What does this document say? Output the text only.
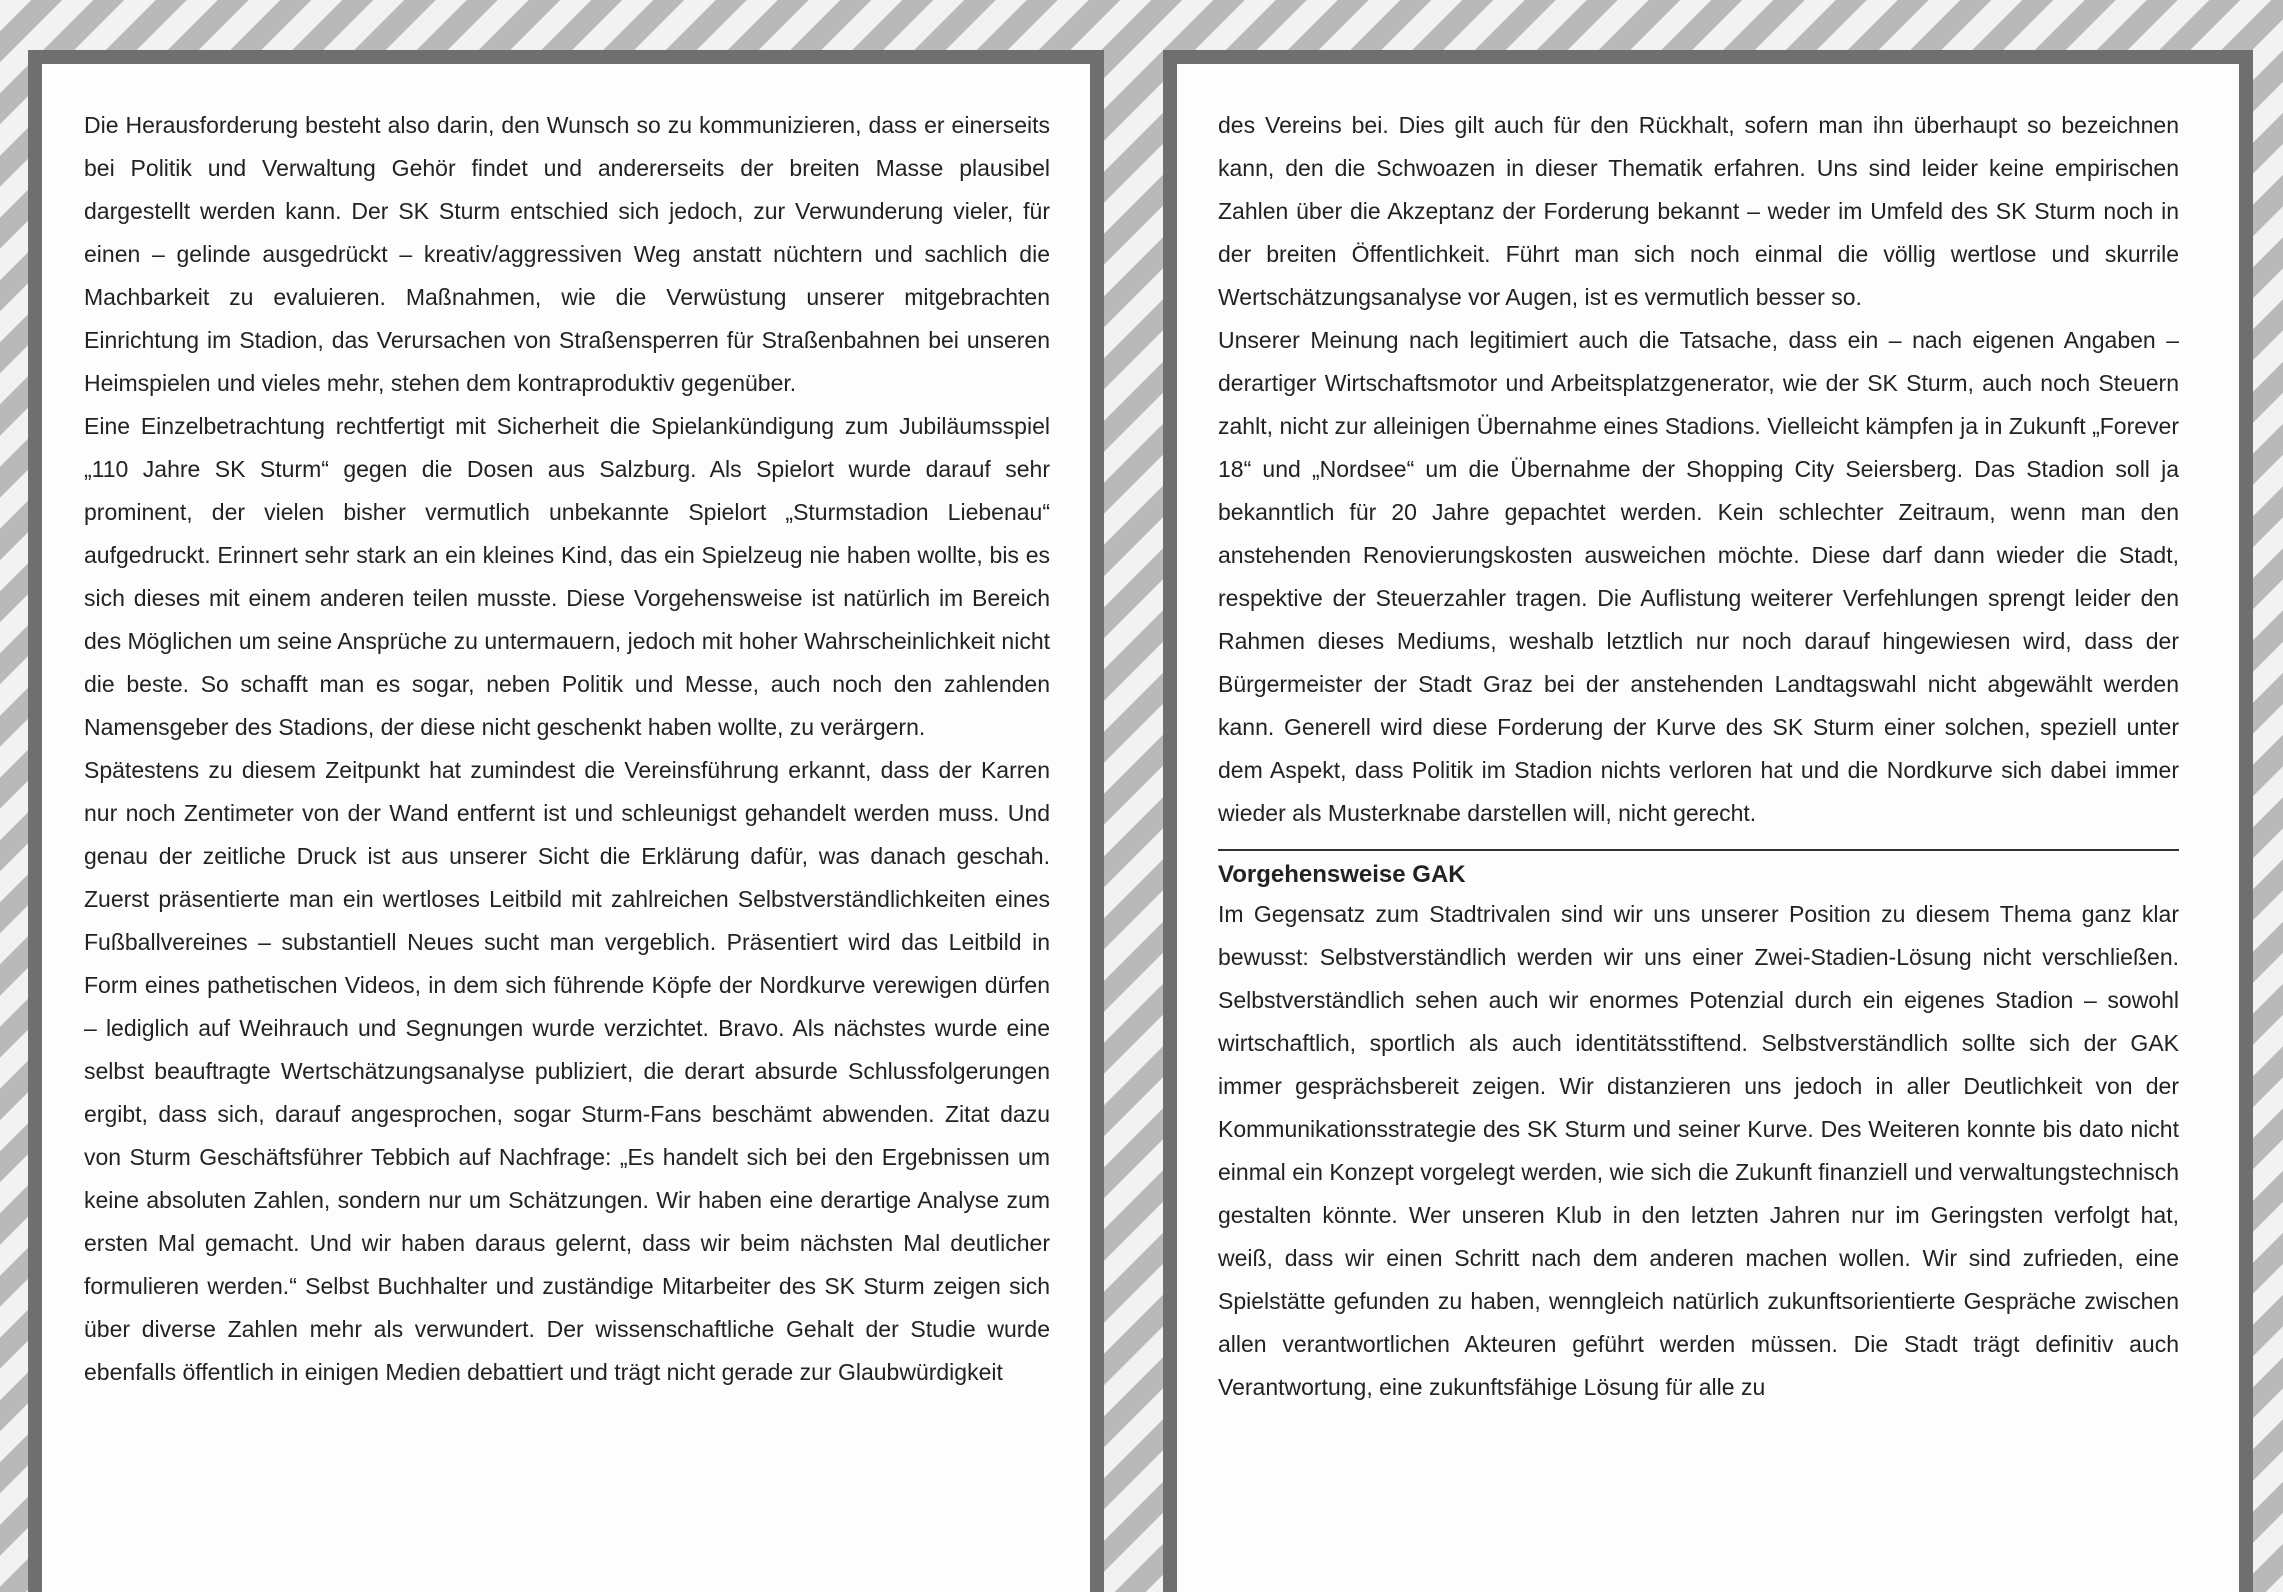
Die Herausforderung besteht also darin, den Wunsch so zu kommunizieren, dass er einerseits bei Politik und Verwaltung Gehör findet und andererseits der breiten Masse plausibel dargestellt werden kann. Der SK Sturm entschied sich jedoch, zur Verwunderung vieler, für einen – gelinde ausgedrückt – kreativ/aggressiven Weg anstatt nüchtern und sachlich die Machbarkeit zu evaluieren. Maßnahmen, wie die Verwüstung unserer mitgebrachten Einrichtung im Stadion, das Verursachen von Straßensperren für Straßenbahnen bei unseren Heimspielen und vieles mehr, stehen dem kontraproduktiv gegenüber.

Eine Einzelbetrachtung rechtfertigt mit Sicherheit die Spielankündigung zum Jubiläumsspiel „110 Jahre SK Sturm“ gegen die Dosen aus Salzburg. Als Spielort wurde darauf sehr prominent, der vielen bisher vermutlich unbekannte Spielort „Sturmstadion Liebenau“ aufgedruckt. Erinnert sehr stark an ein kleines Kind, das ein Spielzeug nie haben wollte, bis es sich dieses mit einem anderen teilen musste. Diese Vorgehensweise ist natürlich im Bereich des Möglichen um seine Ansprüche zu untermauern, jedoch mit hoher Wahrscheinlichkeit nicht die beste. So schafft man es sogar, neben Politik und Messe, auch noch den zahlenden Namensgeber des Stadions, der diese nicht geschenkt haben wollte, zu verärgern.

Spätestens zu diesem Zeitpunkt hat zumindest die Vereinsführung erkannt, dass der Karren nur noch Zentimeter von der Wand entfernt ist und schleunigst gehandelt werden muss. Und genau der zeitliche Druck ist aus unserer Sicht die Erklärung dafür, was danach geschah. Zuerst präsentierte man ein wertloses Leitbild mit zahlreichen Selbstverständlichkeiten eines Fußballvereines – substantiell Neues sucht man vergeblich. Präsentiert wird das Leitbild in Form eines pathetischen Videos, in dem sich führende Köpfe der Nordkurve verewigen dürfen – lediglich auf Weihrauch und Segnungen wurde verzichtet. Bravo. Als nächstes wurde eine selbst beauftragte Wertschätzungsanalyse publiziert, die derart absurde Schlussfolgerungen ergibt, dass sich, darauf angesprochen, sogar Sturm-Fans beschämt abwenden. Zitat dazu von Sturm Geschäftsführer Tebbich auf Nachfrage: „Es handelt sich bei den Ergebnissen um keine absoluten Zahlen, sondern nur um Schätzungen. Wir haben eine derartige Analyse zum ersten Mal gemacht. Und wir haben daraus gelernt, dass wir beim nächsten Mal deutlicher formulieren werden.“ Selbst Buchhalter und zuständige Mitarbeiter des SK Sturm zeigen sich über diverse Zahlen mehr als verwundert. Der wissenschaftliche Gehalt der Studie wurde ebenfalls öffentlich in einigen Medien debattiert und trägt nicht gerade zur Glaubwürdigkeit

des Vereins bei. Dies gilt auch für den Rückhalt, sofern man ihn überhaupt so bezeichnen kann, den die Schwoazen in dieser Thematik erfahren. Uns sind leider keine empirischen Zahlen über die Akzeptanz der Forderung bekannt – weder im Umfeld des SK Sturm noch in der breiten Öffentlichkeit. Führt man sich noch einmal die völlig wertlose und skurrile Wertschätzungsanalyse vor Augen, ist es vermutlich besser so.

Unserer Meinung nach legitimiert auch die Tatsache, dass ein – nach eigenen Angaben – derartiger Wirtschaftsmotor und Arbeitsplatzgenerator, wie der SK Sturm, auch noch Steuern zahlt, nicht zur alleinigen Übernahme eines Stadions. Vielleicht kämpfen ja in Zukunft „Forever 18“ und „Nordsee“ um die Übernahme der Shopping City Seiersberg. Das Stadion soll ja bekanntlich für 20 Jahre gepachtet werden. Kein schlechter Zeitraum, wenn man den anstehenden Renovierungskosten ausweichen möchte. Diese darf dann wieder die Stadt, respektive der Steuerzahler tragen. Die Auflistung weiterer Verfehlungen sprengt leider den Rahmen dieses Mediums, weshalb letztlich nur noch darauf hingewiesen wird, dass der Bürgermeister der Stadt Graz bei der anstehenden Landtagswahl nicht abgewählt werden kann. Generell wird diese Forderung der Kurve des SK Sturm einer solchen, speziell unter dem Aspekt, dass Politik im Stadion nichts verloren hat und die Nordkurve sich dabei immer wieder als Musterknabe darstellen will, nicht gerecht.

Vorgehensweise GAK

Im Gegensatz zum Stadtrivalen sind wir uns unserer Position zu diesem Thema ganz klar bewusst: Selbstverständlich werden wir uns einer Zwei-Stadien-Lösung nicht verschließen. Selbstverständlich sehen auch wir enormes Potenzial durch ein eigenes Stadion – sowohl wirtschaftlich, sportlich als auch identitätsstiftend. Selbstverständlich sollte sich der GAK immer gesprächsbereit zeigen. Wir distanzieren uns jedoch in aller Deutlichkeit von der Kommunikationsstrategie des SK Sturm und seiner Kurve. Des Weiteren konnte bis dato nicht einmal ein Konzept vorgelegt werden, wie sich die Zukunft finanziell und verwaltungstechnisch gestalten könnte. Wer unseren Klub in den letzten Jahren nur im Geringsten verfolgt hat, weiß, dass wir einen Schritt nach dem anderen machen wollen. Wir sind zufrieden, eine Spielstätte gefunden zu haben, wenngleich natürlich zukunftsorientierte Gespräche zwischen allen verantwortlichen Akteuren geführt werden müssen. Die Stadt trägt definitiv auch Verantwortung, eine zukunftsfähige Lösung für alle zu
